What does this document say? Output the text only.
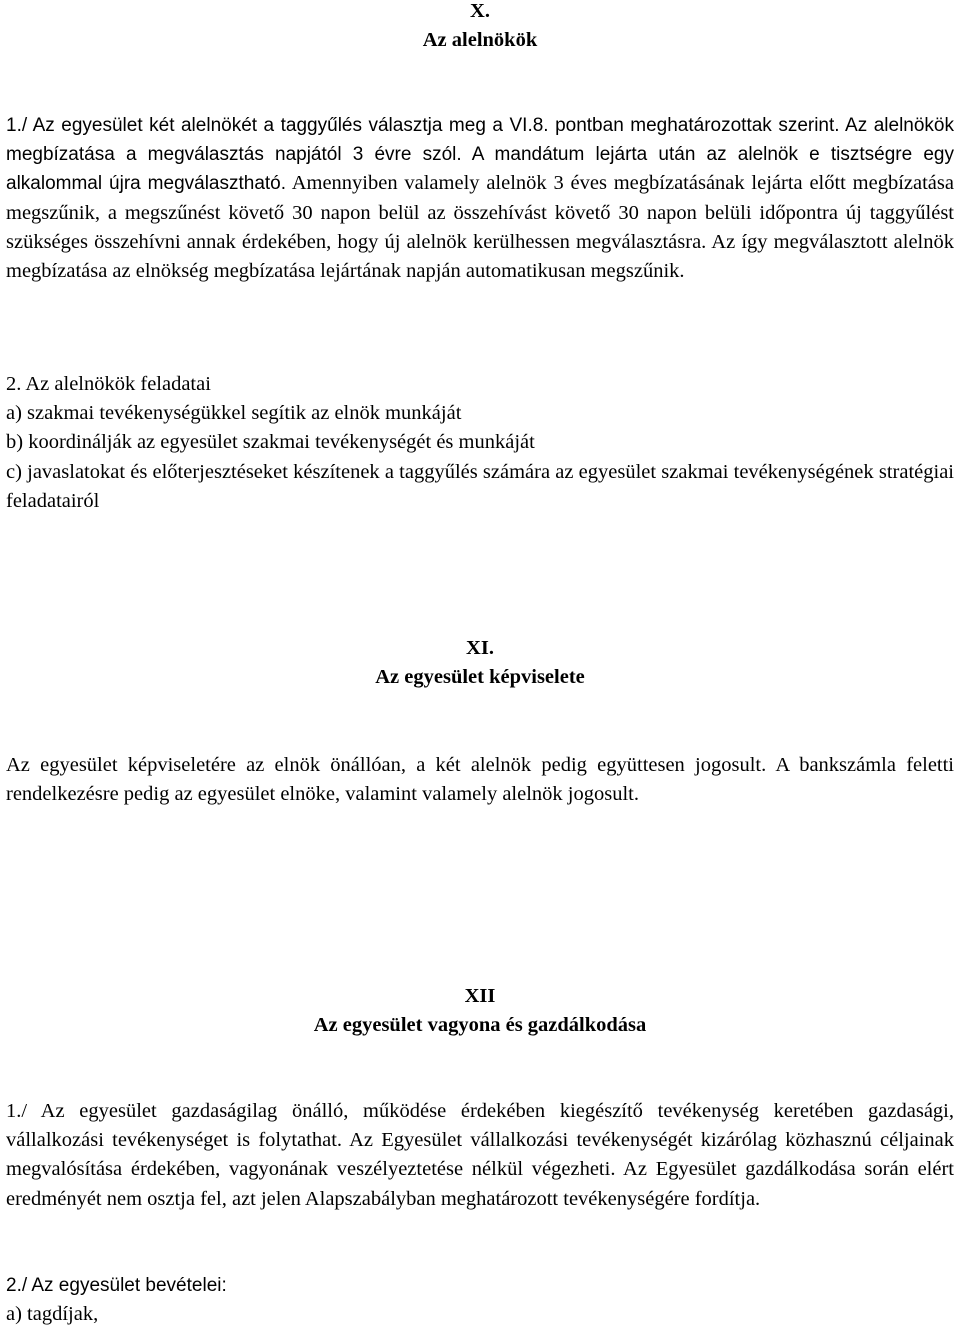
X.

Az alelnökök

1./ Az egyesület két alelnökét a taggyűlés választja meg a VI.8. pontban meghatározottak szerint. Az alelnökök megbízatása a megválasztás napjától 3 évre szól. A mandátum lejárta után az alelnök e tisztségre egy alkalommal újra megválasztható. Amennyiben valamely alelnök 3 éves megbízatásának lejárta előtt megbízatása megszűnik, a megszűnést követő 30 napon belül az összehívást követő 30 napon belüli időpontra új taggyűlést szükséges összehívni annak érdekében, hogy új alelnök kerülhessen megválasztásra. Az így megválasztott alelnök megbízatása az elnökség megbízatása lejártának napján automatikusan megszűnik.

2. Az alelnökök feladatai
a) szakmai tevékenységükkel segítik az elnök munkáját
b) koordinálják az egyesület szakmai tevékenységét és munkáját

c) javaslatokat és előterjesztéseket készítenek a taggyűlés számára az egyesület szakmai tevékenységének stratégiai feladatairól

XI.

Az egyesület képviselete

Az egyesület képviseletére az elnök önállóan, a két alelnök pedig együttesen jogosult. A bankszámla feletti rendelkezésre pedig az egyesület elnöke, valamint valamely alelnök jogosult.

XII

Az egyesület vagyona és gazdálkodása

1./ Az egyesület gazdaságilag önálló, működése érdekében kiegészítő tevékenység keretében gazdasági, vállalkozási tevékenységet is folytathat. Az Egyesület vállalkozási tevékenységét kizárólag közhasznú céljainak megvalósítása érdekében, vagyonának veszélyeztetése nélkül végezheti. Az Egyesület gazdálkodása során elért eredményét nem osztja fel, azt jelen Alapszabályban meghatározott tevékenységére fordítja.

2./ Az egyesület bevételei:
a) tagdíjak,
